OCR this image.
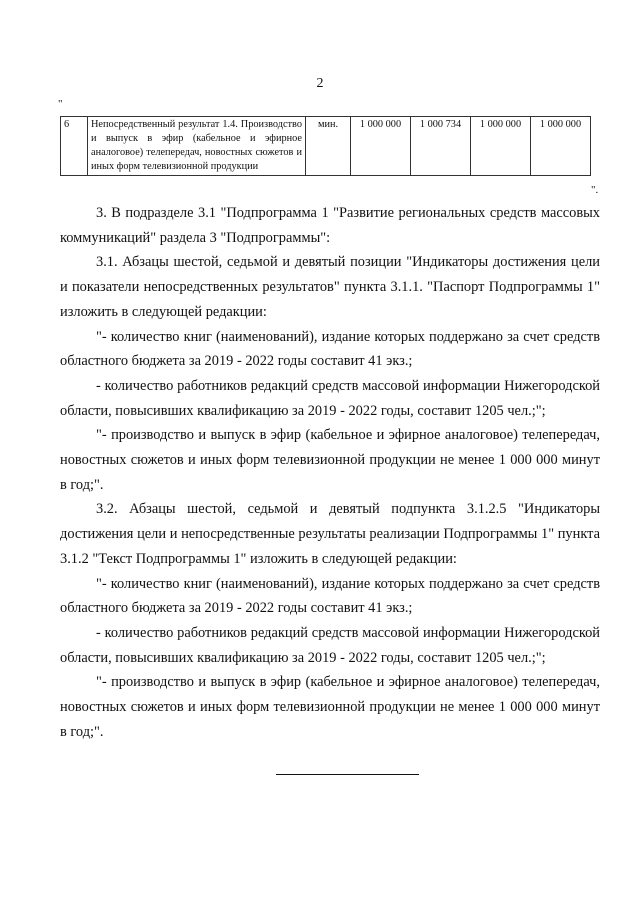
2
"
6	Непосредственный результат 1.4. Производство и выпуск в эфир (кабельное и эфирное аналоговое) телепередач, новостных сюжетов и иных форм телевизионной продукции	мин.	1 000 000	1 000 734	1 000 000	1 000 000
".

3. В подразделе 3.1 "Подпрограмма 1 "Развитие региональных средств массовых коммуникаций" раздела 3 "Подпрограммы":

3.1. Абзацы шестой, седьмой и девятый позиции "Индикаторы достижения цели и показатели непосредственных результатов" пункта 3.1.1. "Паспорт Подпрограммы 1" изложить в следующей редакции:

"- количество книг (наименований), издание которых поддержано за счет средств областного бюджета за 2019 - 2022 годы составит 41 экз.;

- количество работников редакций средств массовой информации Нижегородской области, повысивших квалификацию за 2019 - 2022 годы, составит 1205 чел.;";

"- производство и выпуск в эфир (кабельное и эфирное аналоговое) телепередач, новостных сюжетов и иных форм телевизионной продукции не менее 1 000 000 минут в год;".

3.2. Абзацы шестой, седьмой и девятый подпункта 3.1.2.5 "Индикаторы достижения цели и непосредственные результаты реализации Подпрограммы 1" пункта 3.1.2 "Текст Подпрограммы 1" изложить в следующей редакции:

"- количество книг (наименований), издание которых поддержано за счет средств областного бюджета за 2019 - 2022 годы составит 41 экз.;

- количество работников редакций средств массовой информации Нижегородской области, повысивших квалификацию за 2019 - 2022 годы, составит 1205 чел.;";

"- производство и выпуск в эфир (кабельное и эфирное аналоговое) телепередач, новостных сюжетов и иных форм телевизионной продукции не менее 1 000 000 минут в год;".
